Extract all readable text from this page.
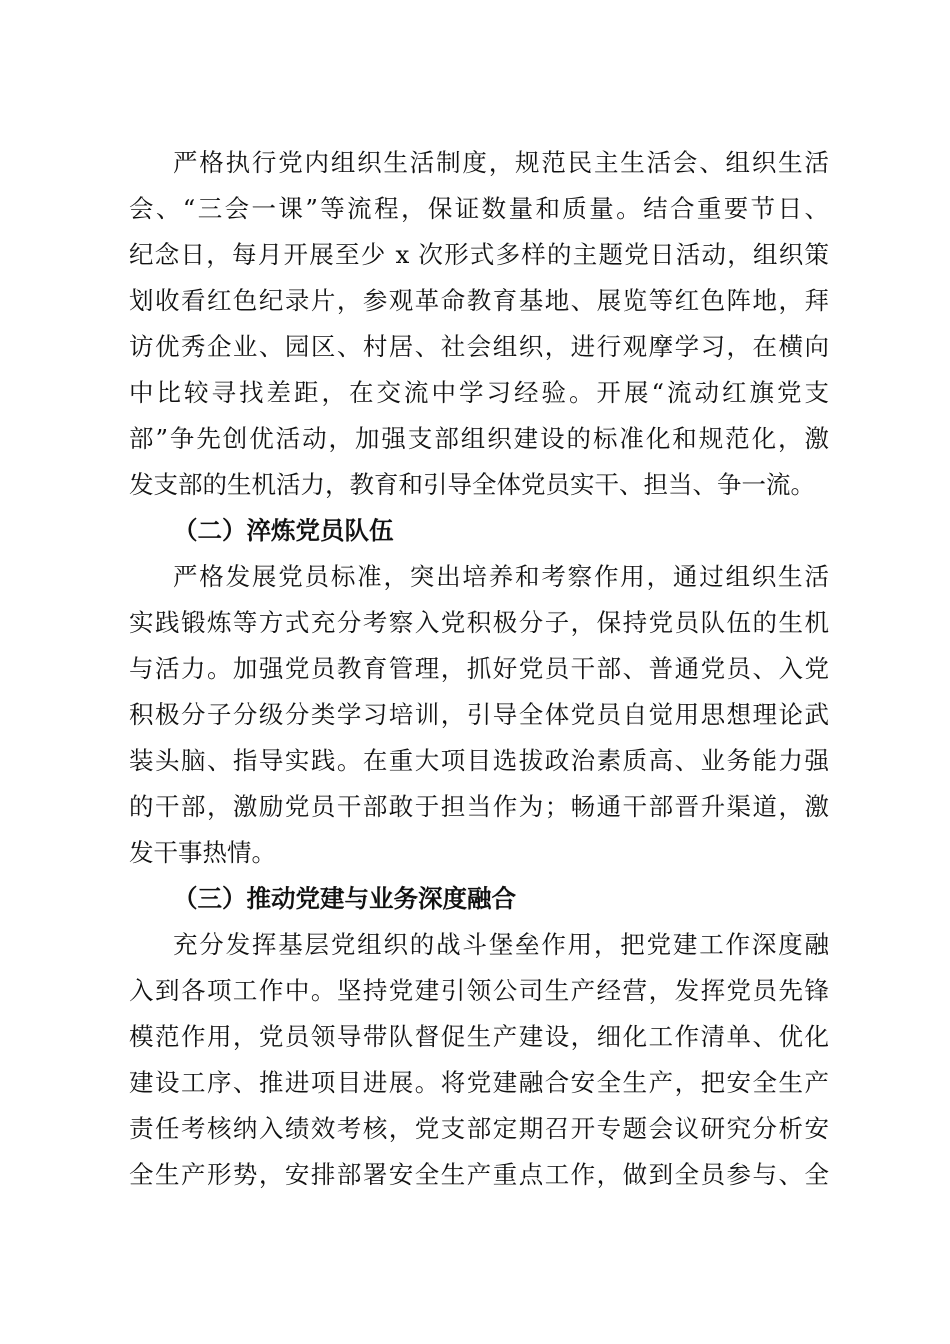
严格执行党内组织生活制度，规范民主生活会、组织生活
会、“三会一课”等流程，保证数量和质量。结合重要节日、
纪念日，每月开展至少 x 次形式多样的主题党日活动，组织策
划收看红色纪录片，参观革命教育基地、展览等红色阵地，拜
访优秀企业、园区、村居、社会组织，进行观摩学习，在横向
中比较寻找差距，在交流中学习经验。开展“流动红旗党支
部”争先创优活动，加强支部组织建设的标准化和规范化，激
发支部的生机活力，教育和引导全体党员实干、担当、争一流。
（二）淬炼党员队伍
严格发展党员标准，突出培养和考察作用，通过组织生活
实践锻炼等方式充分考察入党积极分子，保持党员队伍的生机
与活力。加强党员教育管理，抓好党员干部、普通党员、入党
积极分子分级分类学习培训，引导全体党员自觉用思想理论武
装头脑、指导实践。在重大项目选拔政治素质高、业务能力强
的干部，激励党员干部敢于担当作为；畅通干部晋升渠道，激
发干事热情。
（三）推动党建与业务深度融合
充分发挥基层党组织的战斗堡垒作用，把党建工作深度融
入到各项工作中。坚持党建引领公司生产经营，发挥党员先锋
模范作用，党员领导带队督促生产建设，细化工作清单、优化
建设工序、推进项目进展。将党建融合安全生产，把安全生产
责任考核纳入绩效考核，党支部定期召开专题会议研究分析安
全生产形势，安排部署安全生产重点工作，做到全员参与、全
